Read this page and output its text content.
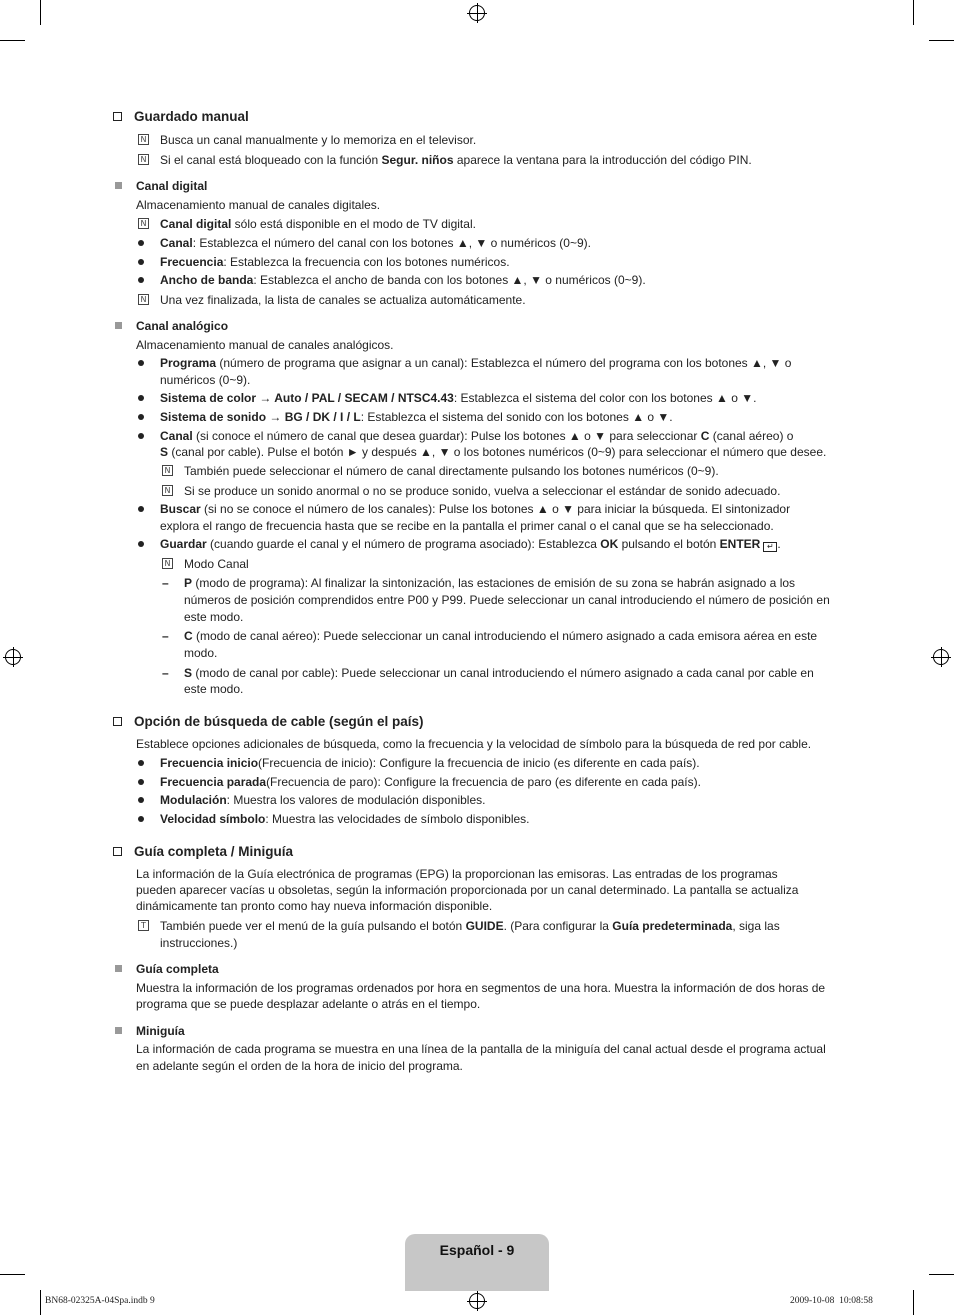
Guardado manual
N Busca un canal manualmente y lo memoriza en el televisor.
N Si el canal está bloqueado con la función Segur. niños aparece la ventana para la introducción del código PIN.
Canal digital
Almacenamiento manual de canales digitales.
N Canal digital sólo está disponible en el modo de TV digital.
Canal: Establezca el número del canal con los botones ▲, ▼ o numéricos (0~9).
Frecuencia: Establezca la frecuencia con los botones numéricos.
Ancho de banda: Establezca el ancho de banda con los botones ▲, ▼ o numéricos (0~9).
N Una vez finalizada, la lista de canales se actualiza automáticamente.
Canal analógico
Almacenamiento manual de canales analógicos.
Programa (número de programa que asignar a un canal): Establezca el número del programa con los botones ▲, ▼ o
numéricos (0~9).
Sistema de color → Auto / PAL / SECAM / NTSC4.43: Establezca el sistema del color con los botones ▲ o ▼.
Sistema de sonido → BG / DK / I / L: Establezca el sistema del sonido con los botones ▲ o ▼.
Canal (si conoce el número de canal que desea guardar): Pulse los botones ▲ o ▼ para seleccionar C (canal aéreo) o
S (canal por cable). Pulse el botón ► y después ▲, ▼ o los botones numéricos (0~9) para seleccionar el número que desee.
N También puede seleccionar el número de canal directamente pulsando los botones numéricos (0~9).
N Si se produce un sonido anormal o no se produce sonido, vuelva a seleccionar el estándar de sonido adecuado.
Buscar (si no se conoce el número de los canales): Pulse los botones ▲ o ▼ para iniciar la búsqueda. El sintonizador
explora el rango de frecuencia hasta que se recibe en la pantalla el primer canal o el canal que se ha seleccionado.
Guardar (cuando guarde el canal y el número de programa asociado): Establezca OK pulsando el botón ENTER ↵ .
N Modo Canal
– P (modo de programa): Al finalizar la sintonización, las estaciones de emisión de su zona se habrán asignado a los
números de posición comprendidos entre P00 y P99. Puede seleccionar un canal introduciendo el número de posición en
este modo.
– C (modo de canal aéreo): Puede seleccionar un canal introduciendo el número asignado a cada emisora aérea en este
modo.
– S (modo de canal por cable): Puede seleccionar un canal introduciendo el número asignado a cada canal por cable en
este modo.
Opción de búsqueda de cable (según el país)
Establece opciones adicionales de búsqueda, como la frecuencia y la velocidad de símbolo para la búsqueda de red por cable.
Frecuencia inicio(Frecuencia de inicio): Configure la frecuencia de inicio (es diferente en cada país).
Frecuencia parada(Frecuencia de paro): Configure la frecuencia de paro (es diferente en cada país).
Modulación: Muestra los valores de modulación disponibles.
Velocidad símbolo: Muestra las velocidades de símbolo disponibles.
Guía completa / Miniguía
La información de la Guía electrónica de programas (EPG) la proporcionan las emisoras. Las entradas de los programas
pueden aparecer vacías u obsoletas, según la información proporcionada por un canal determinado. La pantalla se actualiza
dinámicamente tan pronto como hay nueva información disponible.
T También puede ver el menú de la guía pulsando el botón GUIDE. (Para configurar la Guía predeterminada, siga las
instrucciones.)
Guía completa
Muestra la información de los programas ordenados por hora en segmentos de una hora. Muestra la información de dos horas de
programa que se puede desplazar adelante o atrás en el tiempo.
Miniguía
La información de cada programa se muestra en una línea de la pantalla de la miniguía del canal actual desde el programa actual
en adelante según el orden de la hora de inicio del programa.
Español - 9
BN68-02325A-04Spa.indb 9	2009-10-08 ︎︎ 10:08:58
